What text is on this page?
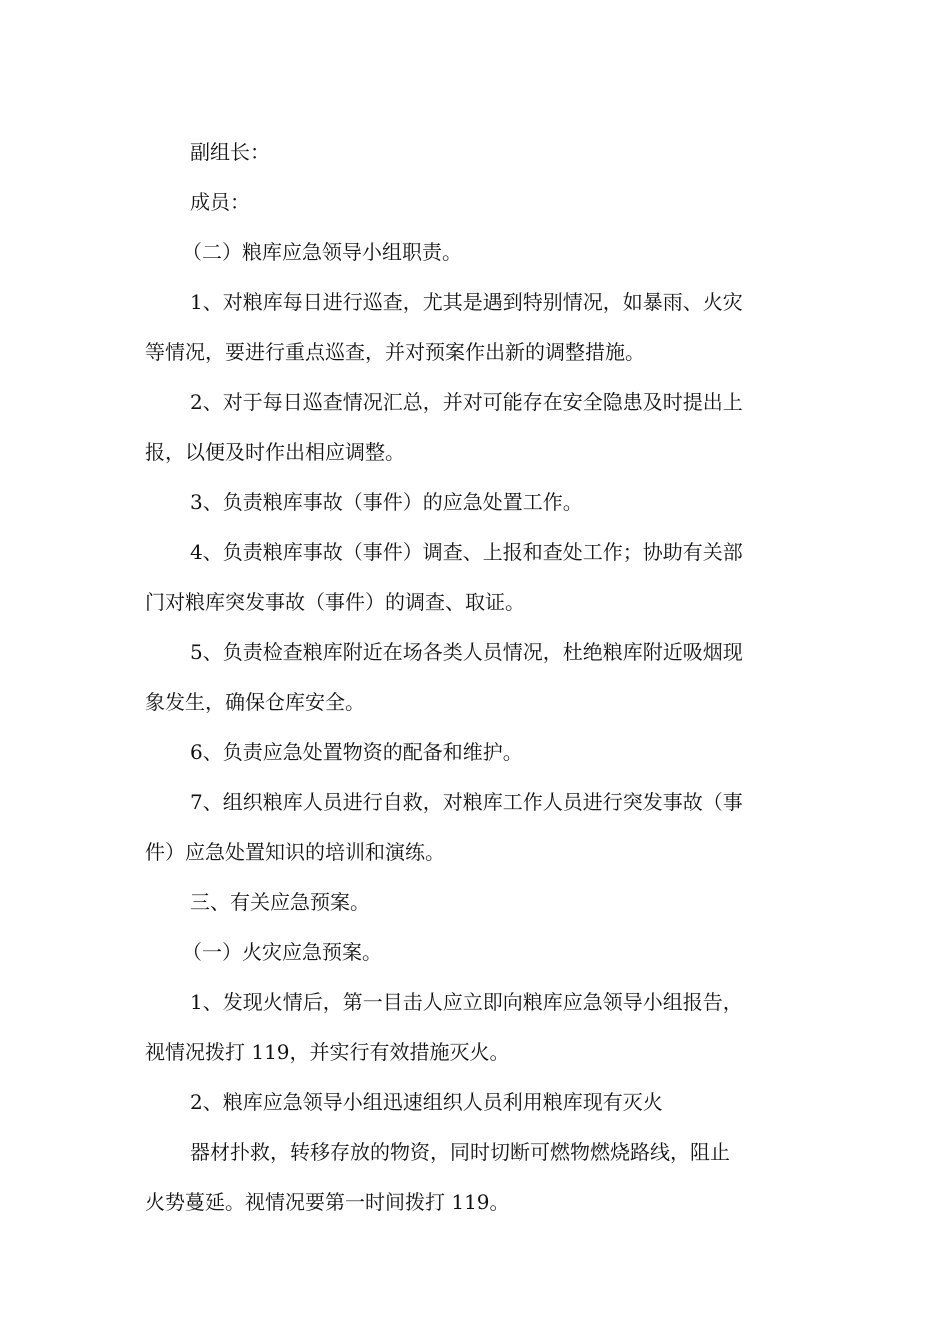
副组长：
成员：
（二）粮库应急领导小组职责。
1、对粮库每日进行巡查，尤其是遇到特别情况，如暴雨、火灾
等情况，要进行重点巡查，并对预案作出新的调整措施。
2、对于每日巡查情况汇总，并对可能存在安全隐患及时提出上
报，以便及时作出相应调整。
3、负责粮库事故（事件）的应急处置工作。
4、负责粮库事故（事件）调查、上报和查处工作；协助有关部
门对粮库突发事故（事件）的调查、取证。
5、负责检查粮库附近在场各类人员情况，杜绝粮库附近吸烟现
象发生，确保仓库安全。
6、负责应急处置物资的配备和维护。
7、组织粮库人员进行自救，对粮库工作人员进行突发事故（事
件）应急处置知识的培训和演练。
三、有关应急预案。
（一）火灾应急预案。
1、发现火情后，第一目击人应立即向粮库应急领导小组报告，
视情况拨打 119，并实行有效措施灭火。
2、粮库应急领导小组迅速组织人员利用粮库现有灭火
器材扑救，转移存放的物资，同时切断可燃物燃烧路线，阻止
火势蔓延。视情况要第一时间拨打 119。
